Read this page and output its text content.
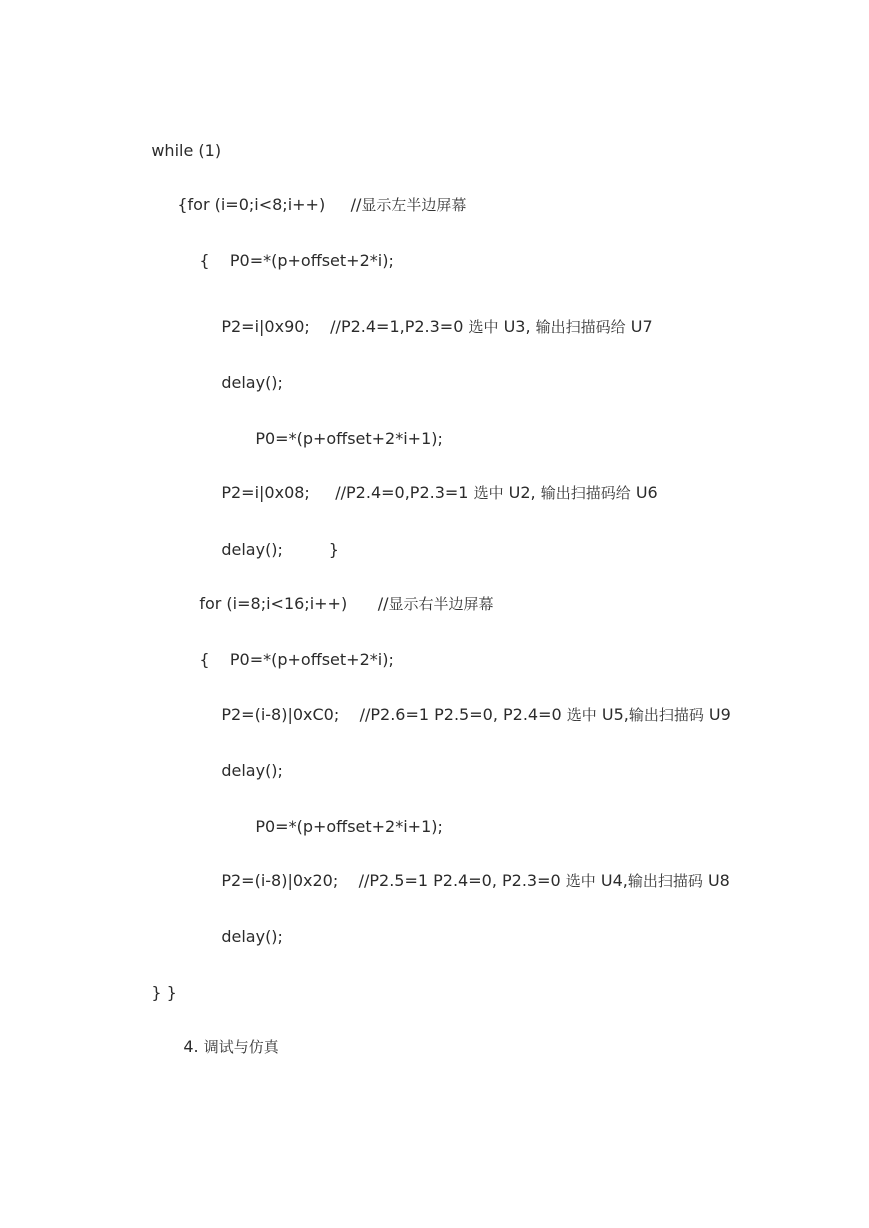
while (1)

{for (i=0;i<8;i++)     //显示左半边屏幕

{    P0=*(p+offset+2*i);

P2=i|0x90;    //P2.4=1,P2.3=0 选中 U3, 输出扫描码给 U7

delay();

P0=*(p+offset+2*i+1);

P2=i|0x08;     //P2.4=0,P2.3=1 选中 U2, 输出扫描码给 U6

delay();         }

for (i=8;i<16;i++)      //显示右半边屏幕

{    P0=*(p+offset+2*i);

P2=(i-8)|0xC0;    //P2.6=1 P2.5=0, P2.4=0 选中 U5,输出扫描码 U9

delay();

P0=*(p+offset+2*i+1);

P2=(i-8)|0x20;    //P2.5=1 P2.4=0, P2.3=0 选中 U4,输出扫描码 U8

delay();

} }

4. 调试与仿真
